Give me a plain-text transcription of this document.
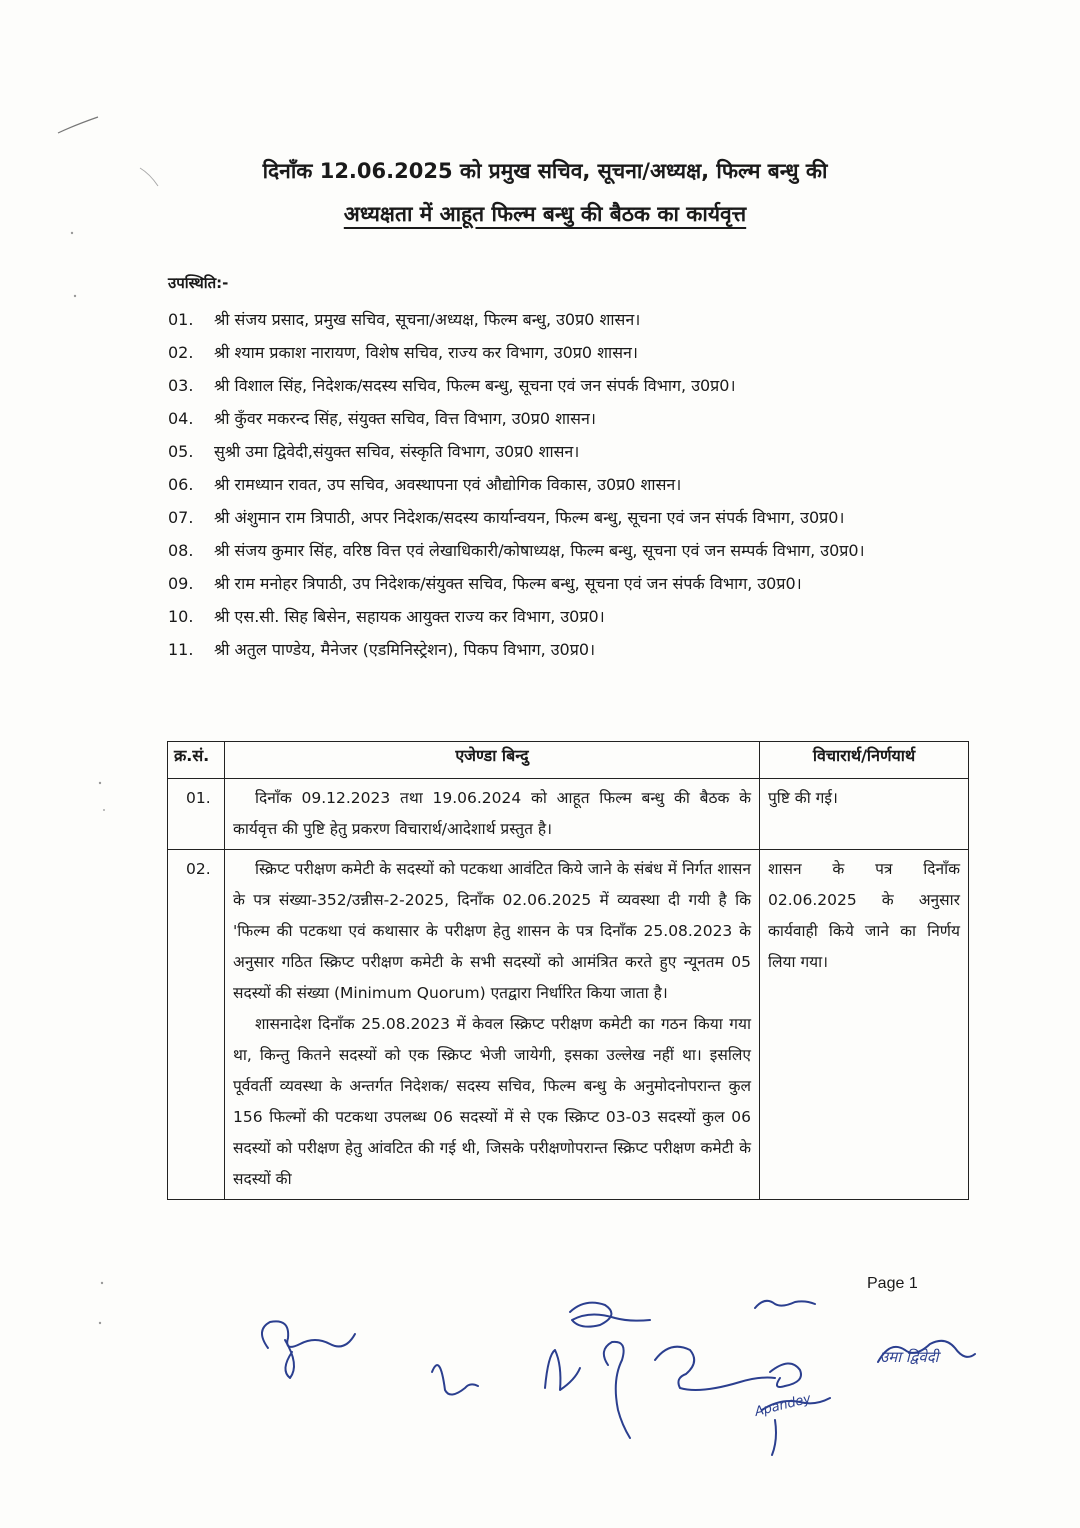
दिनाँक 12.06.2025 को प्रमुख सचिव, सूचना/अध्यक्ष, फिल्म बन्धु की
अध्यक्षता में आहूत फिल्म बन्धु की बैठक का कार्यवृत्त
उपस्थिति:-
01.	श्री संजय प्रसाद, प्रमुख सचिव, सूचना/अध्यक्ष, फिल्म बन्धु, उ0प्र0 शासन।
02.	श्री श्याम प्रकाश नारायण, विशेष सचिव, राज्य कर विभाग, उ0प्र0 शासन।
03.	श्री विशाल सिंह, निदेशक/सदस्य सचिव, फिल्म बन्धु, सूचना एवं जन संपर्क विभाग, उ0प्र0।
04.	श्री कुँवर मकरन्द सिंह, संयुक्त सचिव, वित्त विभाग, उ0प्र0 शासन।
05.	सुश्री उमा द्विवेदी,संयुक्त सचिव, संस्कृति विभाग, उ0प्र0 शासन।
06.	श्री रामध्यान रावत, उप सचिव, अवस्थापना एवं औद्योगिक विकास, उ0प्र0 शासन।
07.	श्री अंशुमान राम त्रिपाठी, अपर निदेशक/सदस्य कार्यान्वयन, फिल्म बन्धु, सूचना एवं जन संपर्क विभाग, उ0प्र0।
08.	श्री संजय कुमार सिंह, वरिष्ठ वित्त एवं लेखाधिकारी/कोषाध्यक्ष, फिल्म बन्धु, सूचना एवं जन सम्पर्क विभाग, उ0प्र0।
09.	श्री राम मनोहर त्रिपाठी, उप निदेशक/संयुक्त सचिव, फिल्म बन्धु, सूचना एवं जन संपर्क विभाग, उ0प्र0।
10.	श्री एस.सी. सिह बिसेन, सहायक आयुक्त राज्य कर विभाग, उ0प्र0।
11.	श्री अतुल पाण्डेय, मैनेजर (एडमिनिस्ट्रेशन), पिकप विभाग, उ0प्र0।
क्र.सं.	एजेण्डा बिन्दु	विचारार्थ/निर्णयार्थ
01.	दिनाँक 09.12.2023 तथा 19.06.2024 को आहूत फिल्म बन्धु की बैठक के कार्यवृत्त की पुष्टि हेतु प्रकरण विचारार्थ/आदेशार्थ प्रस्तुत है।	पुष्टि की गई।
02.	स्क्रिप्ट परीक्षण कमेटी के सदस्यों को पटकथा आवंटित किये जाने के संबंध में निर्गत शासन के पत्र संख्या-352/उन्नीस-2-2025, दिनाँक 02.06.2025 में व्यवस्था दी गयी है कि 'फिल्म की पटकथा एवं कथासार के परीक्षण हेतु शासन के पत्र दिनाँक 25.08.2023 के अनुसार गठित स्क्रिप्ट परीक्षण कमेटी के सभी सदस्यों को आमंत्रित करते हुए न्यूनतम 05 सदस्यों की संख्या (Minimum Quorum) एतद्वारा निर्धारित किया जाता है।

शासनादेश दिनाँक 25.08.2023 में केवल स्क्रिप्ट परीक्षण कमेटी का गठन किया गया था, किन्तु कितने सदस्यों को एक स्क्रिप्ट भेजी जायेगी, इसका उल्लेख नहीं था। इसलिए पूर्ववर्ती व्यवस्था के अन्तर्गत निदेशक/ सदस्य सचिव, फिल्म बन्धु के अनुमोदनोपरान्त कुल 156 फिल्मों की पटकथा उपलब्ध 06 सदस्यों में से एक स्क्रिप्ट 03-03 सदस्यों कुल 06 सदस्यों को परीक्षण हेतु आंवटित की गई थी, जिसके परीक्षणोपरान्त स्क्रिप्ट परीक्षण कमेटी के सदस्यों की	शासन के पत्र दिनाँक 02.06.2025 के अनुसार कार्यवाही किये जाने का निर्णय लिया गया।
Page 1
उमा द्विवेदी
Apandey
